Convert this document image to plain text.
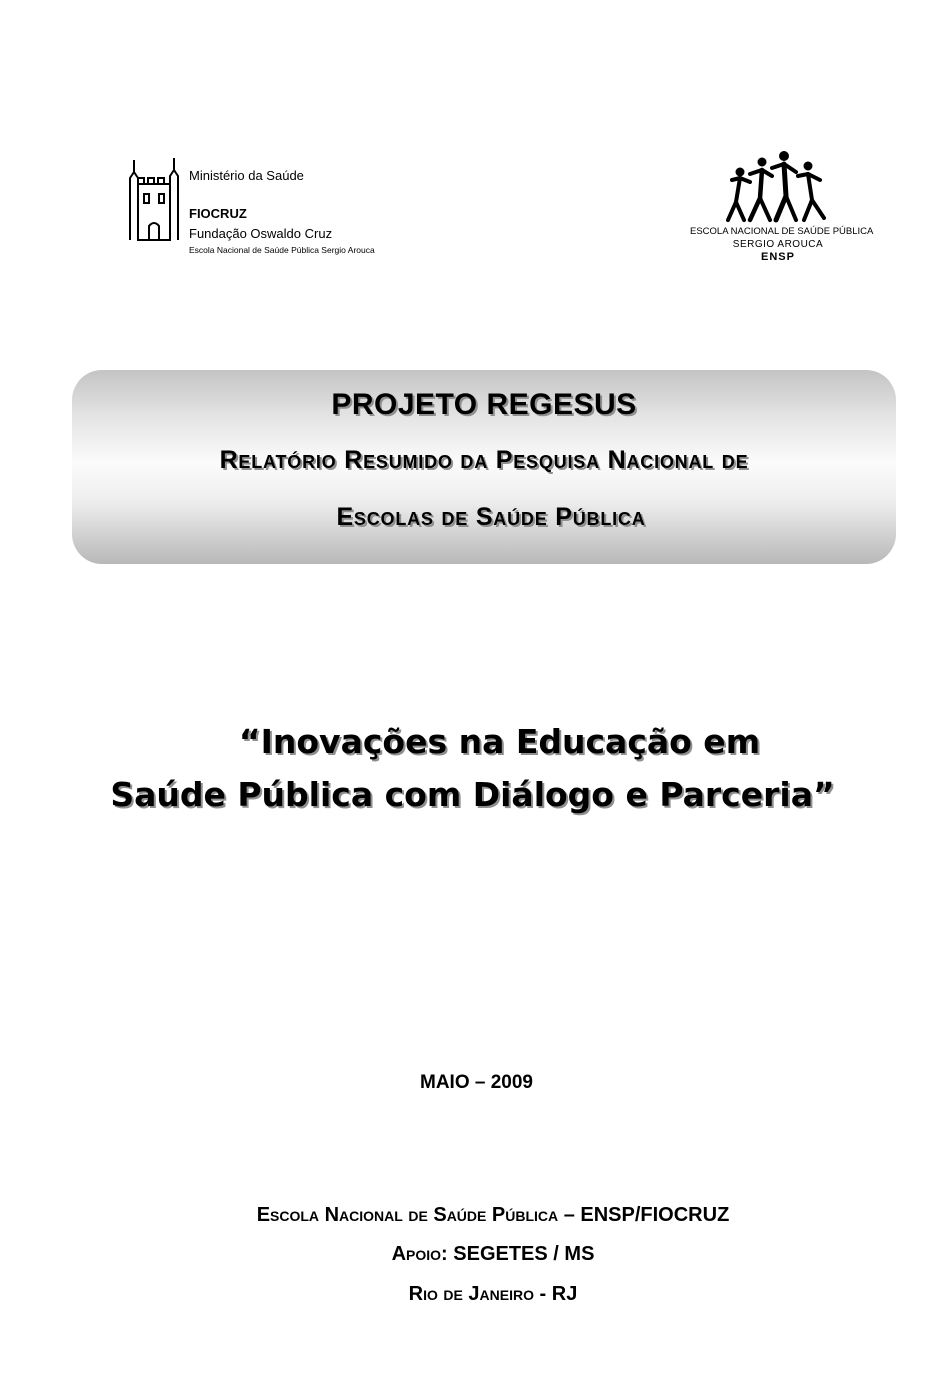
Ministério da Saúde
FIOCRUZ
Fundação Oswaldo Cruz
Escola Nacional de Saúde Pública Sergio Arouca
ESCOLA NACIONAL DE SAÚDE PÚBLICA
SERGIO AROUCA
ENSP
PROJETO REGESUS
Relatório Resumido da Pesquisa Nacional de
Escolas de Saúde Pública
“Inovações na Educação em
Saúde Pública com Diálogo e Parceria”
MAIO – 2009
Escola Nacional de Saúde Pública – ENSP/FIOCRUZ
Apoio: SEGETES / MS
Rio de Janeiro - RJ
